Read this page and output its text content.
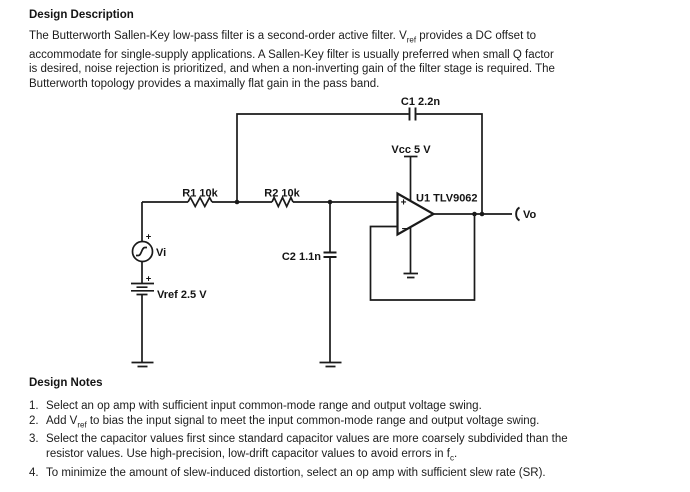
Design Description
The Butterworth Sallen-Key low-pass filter is a second-order active filter. $V_{ref}$ provides a DC offset to
accommodate for single-supply applications. A Sallen-Key filter is usually preferred when small Q factor
is desired, noise rejection is prioritized, and when a non-inverting gain of the filter stage is required. The
Butterworth topology provides a maximally flat gain in the pass band.
+
−
C1 2.2n
Vcc 5 V
R1 10k	R2 10k	U1 TLV9062
Vo
Vi
Vref 2.5 V
C2 1.1n
+
+
Design Notes
1. Select an op amp with sufficient input common-mode range and output voltage swing.
2. Add $V_{ref}$ to bias the input signal to meet the input common-mode range and output voltage swing.
3. Select the capacitor values first since standard capacitor values are more coarsely subdivided than the
resistor values. Use high-precision, low-drift capacitor values to avoid errors in $f_c$.
4. To minimize the amount of slew-induced distortion, select an op amp with sufficient slew rate (SR).
